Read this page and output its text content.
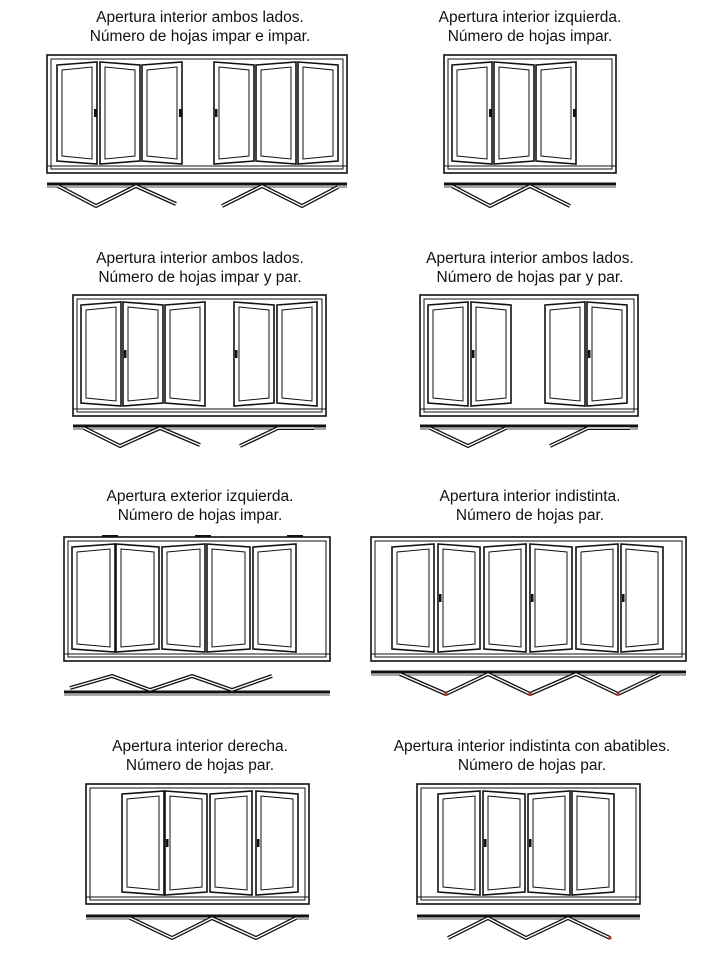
Apertura interior ambos lados.
Número de hojas impar e impar.
Apertura interior izquierda.
Número de hojas impar.
Apertura interior ambos lados.
Número de hojas impar y par.
Apertura interior ambos lados.
Número de hojas par y par.
Apertura exterior izquierda.
Número de hojas impar.
Apertura interior indistinta.
Número de hojas par.
Apertura interior derecha.
Número de hojas par.
Apertura interior indistinta con abatibles.
Número de hojas par.
